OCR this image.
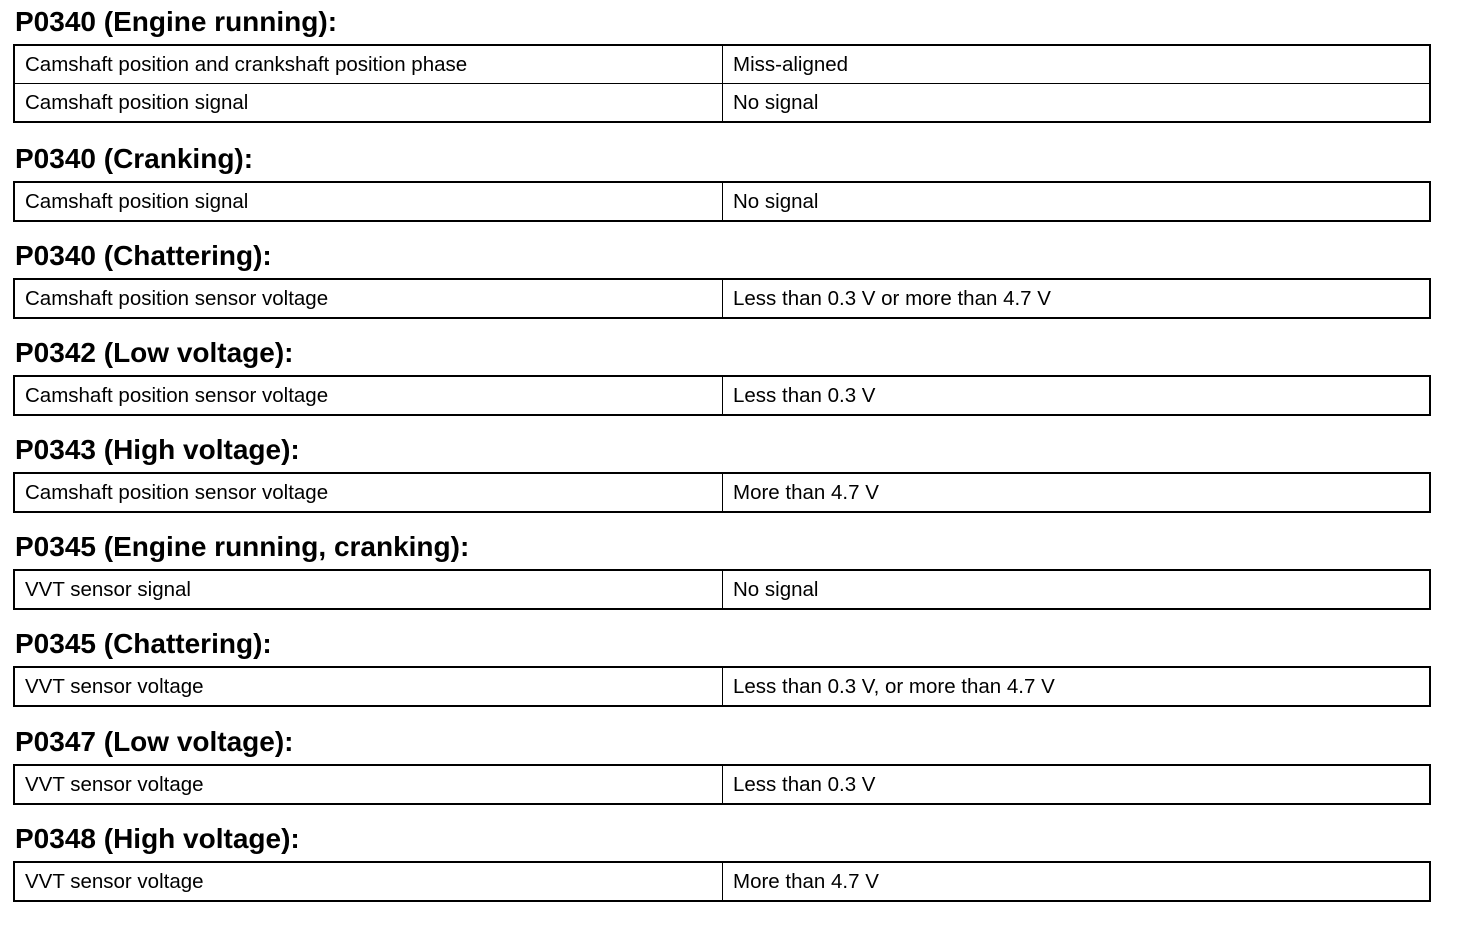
P0340 (Engine running):
Camshaft position and crankshaft position phase	Miss-aligned
Camshaft position signal	No signal
P0340 (Cranking):
Camshaft position signal	No signal
P0340 (Chattering):
Camshaft position sensor voltage	Less than 0.3 V or more than 4.7 V
P0342 (Low voltage):
Camshaft position sensor voltage	Less than 0.3 V
P0343 (High voltage):
Camshaft position sensor voltage	More than 4.7 V
P0345 (Engine running, cranking):
VVT sensor signal	No signal
P0345 (Chattering):
VVT sensor voltage	Less than 0.3 V, or more than 4.7 V
P0347 (Low voltage):
VVT sensor voltage	Less than 0.3 V
P0348 (High voltage):
VVT sensor voltage	More than 4.7 V
